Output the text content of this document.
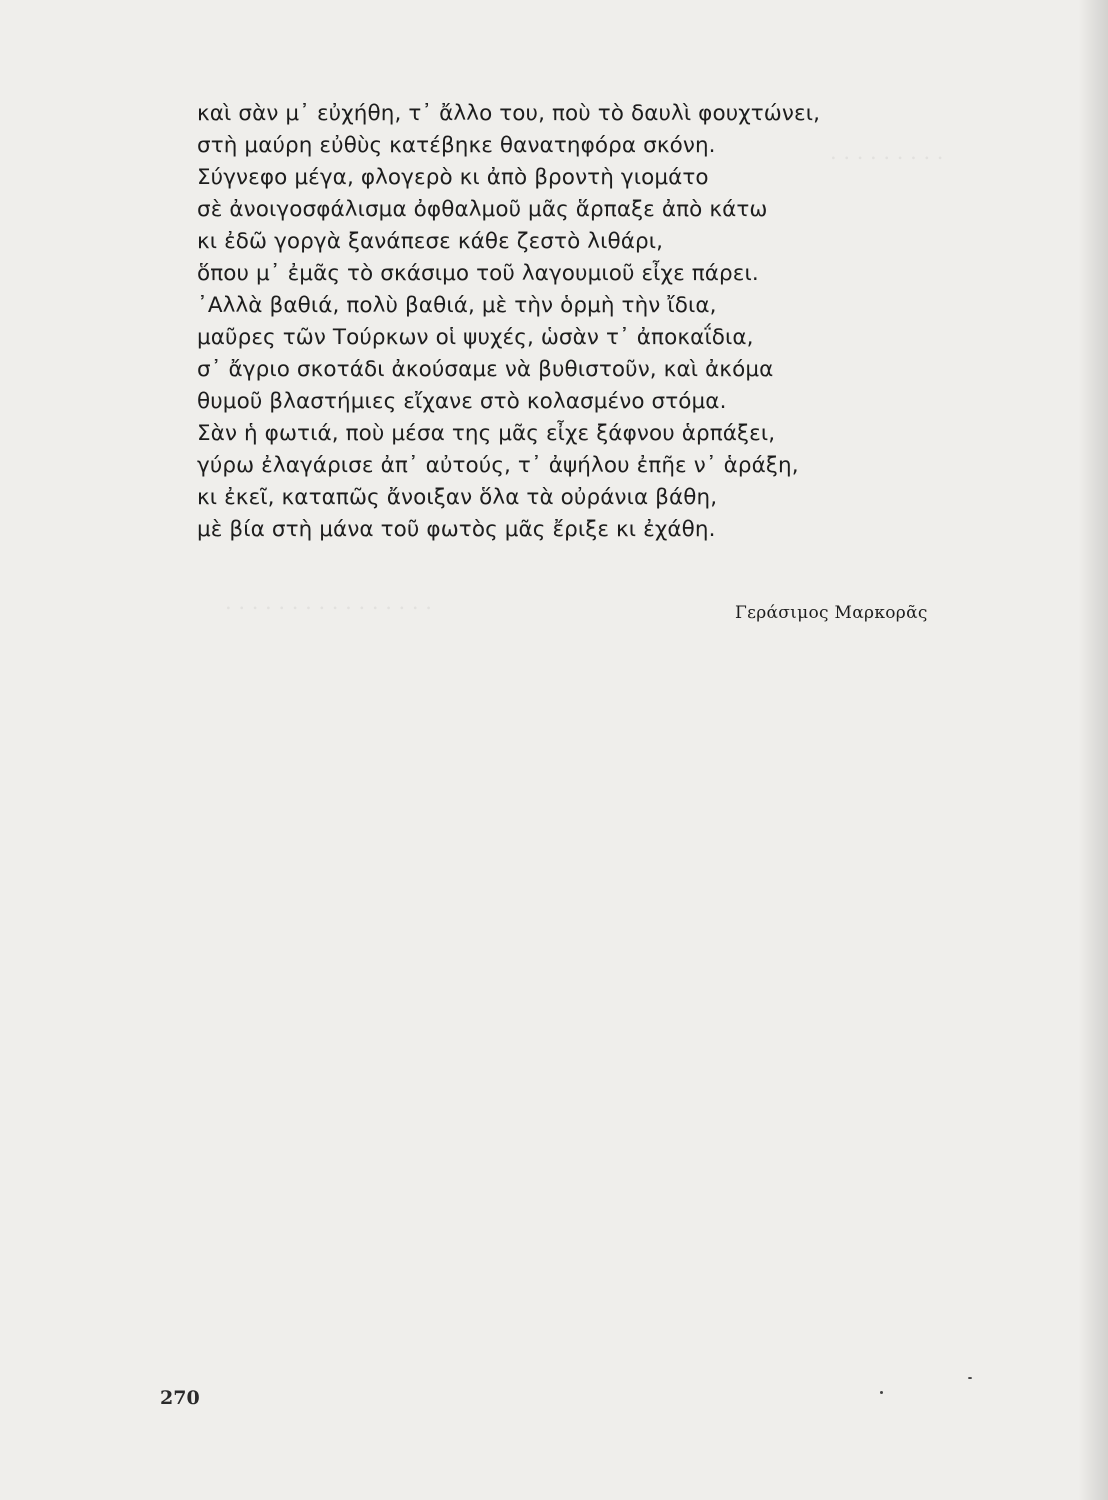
. . . . . . . . . . . . . . . .
. . . . . . . . .
καὶ σὰν μ᾽ εὐχήθη, τ᾽ ἄλλο του, ποὺ τὸ δαυλὶ φουχτώνει,
στὴ μαύρη εὐθὺς κατέβηκε θανατηφόρα σκόνη.
Σύγνεφο μέγα, φλογερὸ κι ἀπὸ βροντὴ γιομάτο
σὲ ἀνοιγοσφάλισμα ὀφθαλμοῦ μᾶς ἅρπαξε ἀπὸ κάτω
κι ἐδῶ γοργὰ ξανάπεσε κάθε ζεστὸ λιθάρι,
ὅπου μ᾽ ἐμᾶς τὸ σκάσιμο τοῦ λαγουμιοῦ εἶχε πάρει.
᾿Αλλὰ βαθιά, πολὺ βαθιά, μὲ τὴν ὁρμὴ τὴν ἴδια,
μαῦρες τῶν Τούρκων οἱ ψυχές, ὡσὰν τ᾽ ἀποκαΐδια,
σ᾽ ἄγριο σκοτάδι ἀκούσαμε νὰ βυθιστοῦν, καὶ ἀκόμα
θυμοῦ βλαστήμιες εἴχανε στὸ κολασμένο στόμα.
Σὰν ἡ φωτιά, ποὺ μέσα της μᾶς εἶχε ξάφνου ἁρπάξει,
γύρω ἐλαγάρισε ἀπ᾽ αὐτούς, τ᾽ ἀψήλου ἐπῆε ν᾽ ἁράξη,
κι ἐκεῖ, καταπῶς ἄνοιξαν ὅλα τὰ οὐράνια βάθη,
μὲ βία στὴ μάνα τοῦ φωτὸς μᾶς ἔριξε κι ἐχάθη.
Γεράσιμος Μαρκορᾶς
270
